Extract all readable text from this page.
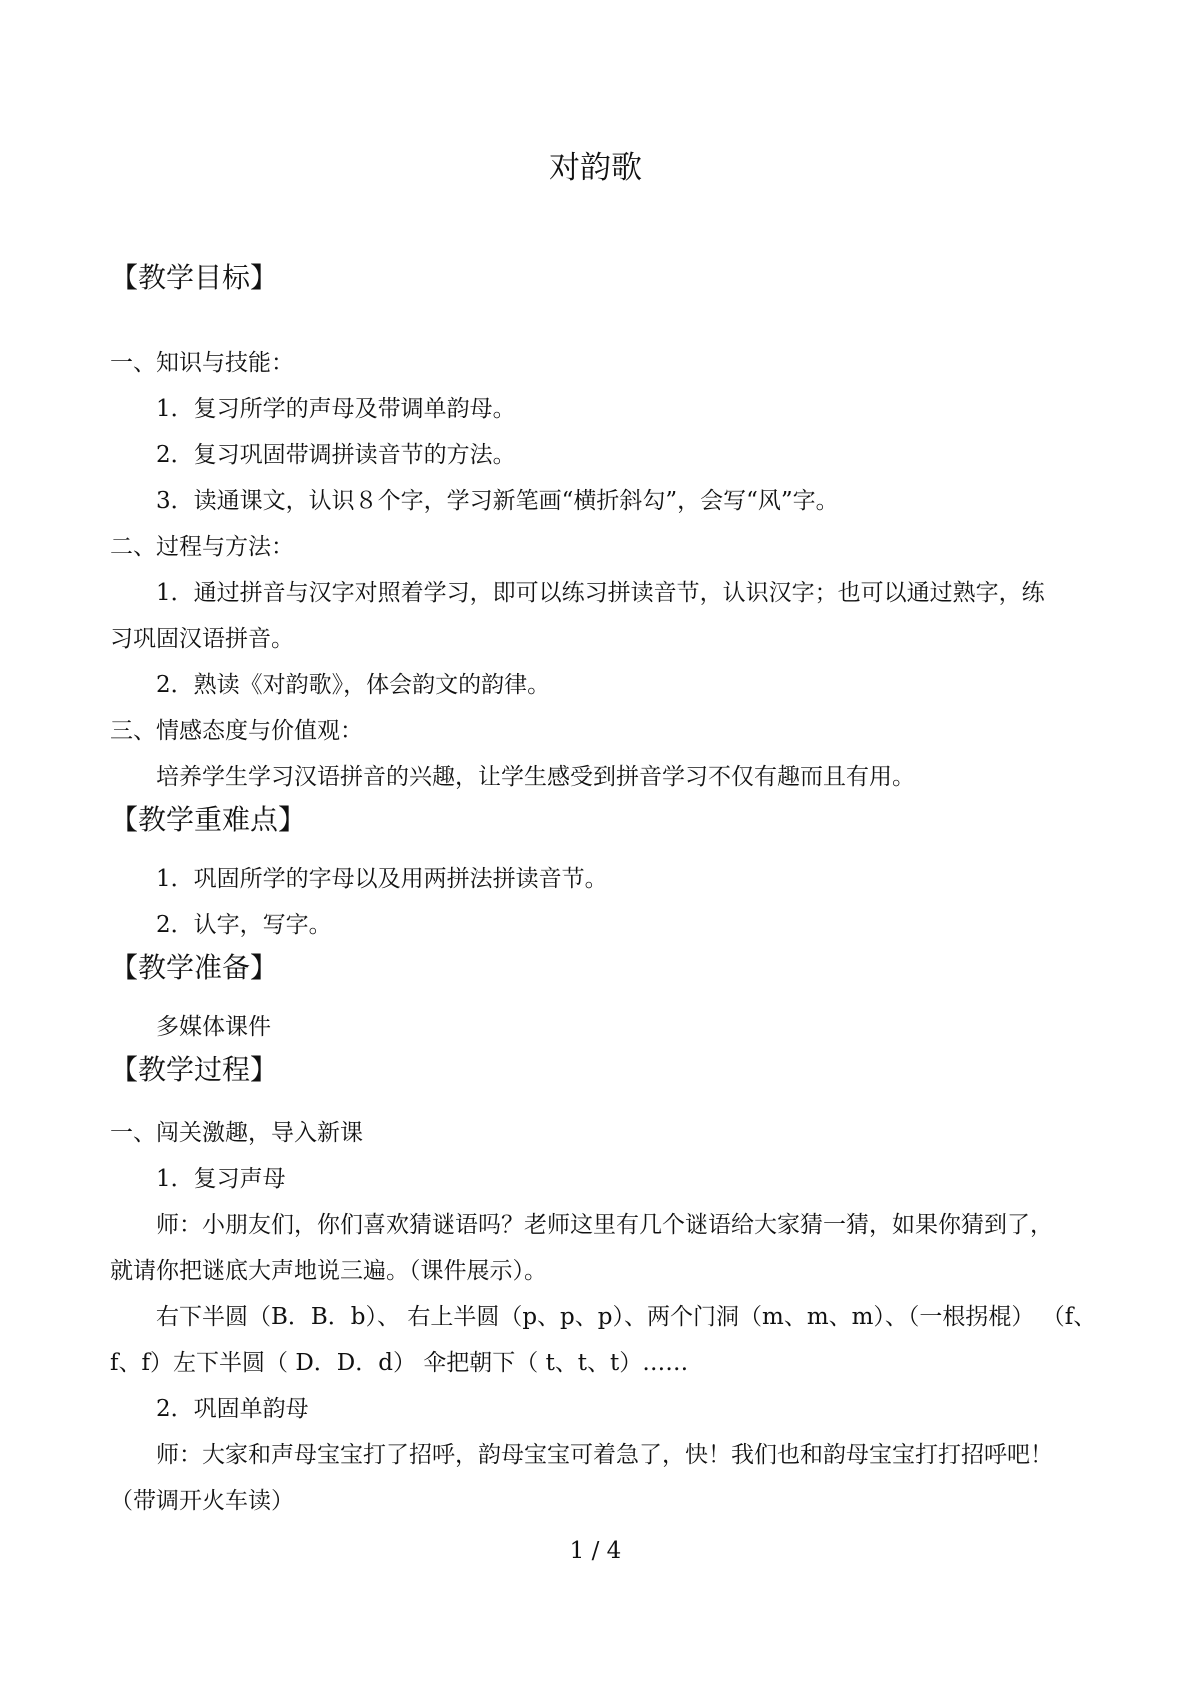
对韵歌
【教学目标】
一、知识与技能：
1．复习所学的声母及带调单韵母。
2．复习巩固带调拼读音节的方法。
3．读通课文，认识８个字，学习新笔画“横折斜勾”，会写“风”字。
二、过程与方法：
1．通过拼音与汉字对照着学习，即可以练习拼读音节，认识汉字；也可以通过熟字，练
习巩固汉语拼音。
2．熟读《对韵歌》，体会韵文的韵律。
三、情感态度与价值观：
培养学生学习汉语拼音的兴趣，让学生感受到拼音学习不仅有趣而且有用。
【教学重难点】
1．巩固所学的字母以及用两拼法拼读音节。
2．认字，写字。
【教学准备】
多媒体课件
【教学过程】
一、闯关激趣，导入新课
1．复习声母
师：小朋友们，你们喜欢猜谜语吗？老师这里有几个谜语给大家猜一猜，如果你猜到了，
就请你把谜底大声地说三遍。（课件展示）。
右下半圆（B．B．b）、 右上半圆（p、p、p）、两个门洞（m、m、m）、（一根拐棍） （f、
f、f）左下半圆（ D．D．d） 伞把朝下（ t、t、t）……
2．巩固单韵母
师：大家和声母宝宝打了招呼，韵母宝宝可着急了，快！我们也和韵母宝宝打打招呼吧！
（带调开火车读）
1 / 4
